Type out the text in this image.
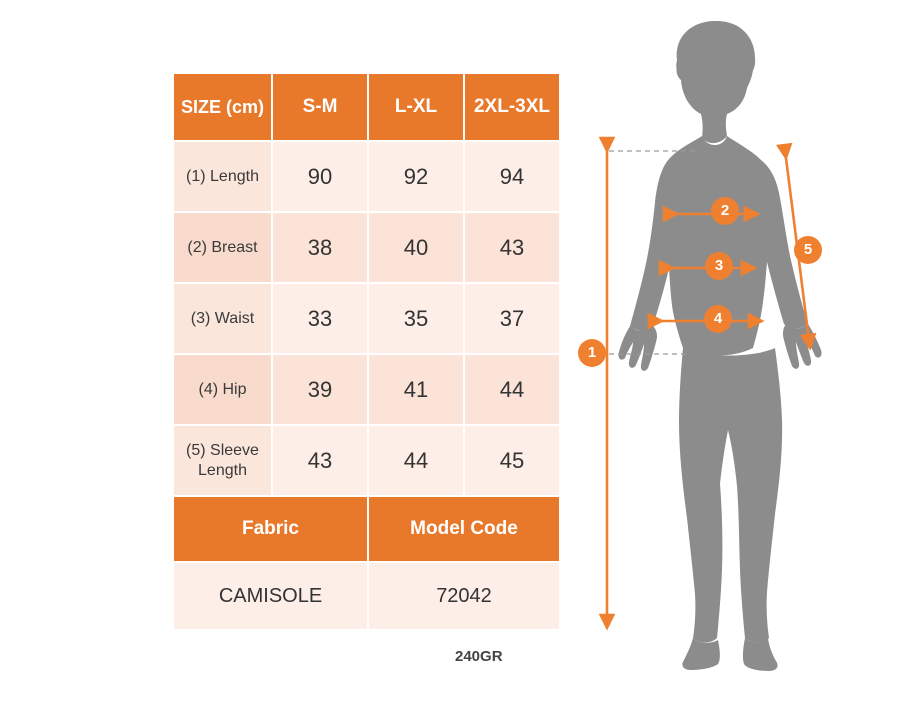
SIZE (cm)	S-M	L-XL	2XL-3XL
(1) Length	90	92	94
(2) Breast	38	40	43
(3) Waist	33	35	37
(4) Hip	39	41	44
(5) Sleeve Length	43	44	45
Fabric		Model Code	
CAMISOLE		72042	
240GR
1
2
3
4
5
